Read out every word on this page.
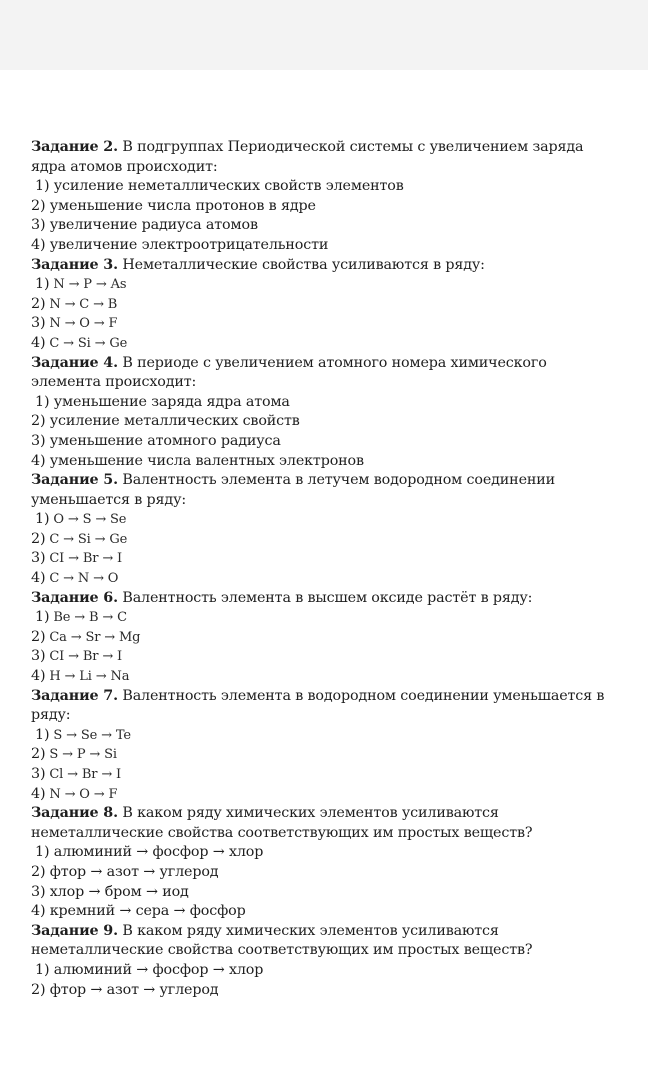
Задание 2. В подгруппах Периодической системы с увеличением заряда ядра атомов происходит:

1) усиление неметаллических свойств элементов

2) уменьшение числа протонов в ядре

3) увеличение радиуса атомов

4) увеличение электроотрицательности

Задание 3. Неметаллические свойства усиливаются в ряду:

1) N → P → As

2) N → C → B

3) N → O → F

4) C → Si → Ge

Задание 4. В периоде с увеличением атомного номера химического элемента происходит:

1) уменьшение заряда ядра атома

2) усиление металлических свойств

3) уменьшение атомного радиуса

4) уменьшение числа валентных электронов

Задание 5. Валентность элемента в летучем водородном соединении уменьшается в ряду:

1) O → S → Se

2) C → Si → Ge

3) CI → Br → I

4) C → N → O

Задание 6. Валентность элемента в высшем оксиде растёт в ряду:

1) Be → B → C

2) Ca → Sr → Mg

3) CI → Br → I

4) H → Li → Na

Задание 7. Валентность элемента в водородном соединении уменьшается в ряду:

1) S → Se → Te

2) S → P → Si

3) Cl → Br → I

4) N → O → F

Задание 8. В каком ряду химических элементов усиливаются неметаллические свойства соответствующих им простых веществ?

1) алюминий → фосфор → хлор

2) фтор → азот → углерод

3) хлор → бром → иод

4) кремний → сера → фосфор

Задание 9. В каком ряду химических элементов усиливаются неметаллические свойства соответствующих им простых веществ?

1) алюминий → фосфор → хлор

2) фтор → азот → углерод
